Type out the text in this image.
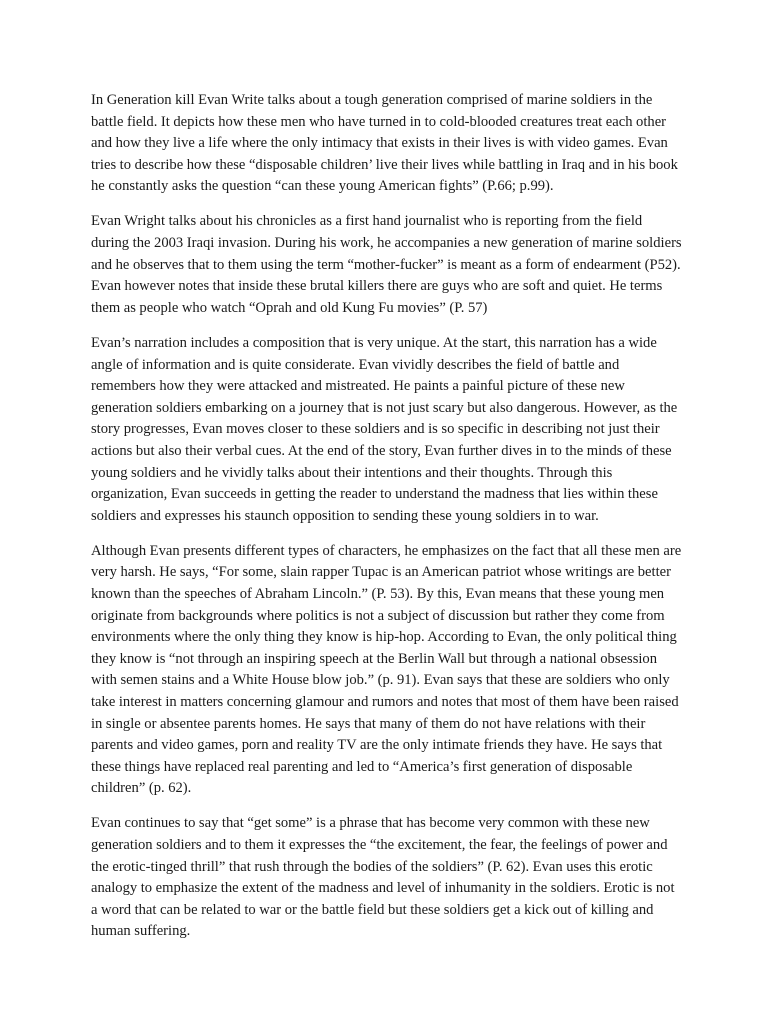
In Generation kill Evan Write talks about a tough generation comprised of marine soldiers in the battle field. It depicts how these men who have turned in to cold-blooded creatures treat each other and how they live a life where the only intimacy that exists in their lives is with video games. Evan tries to describe how these “disposable children’ live their lives while battling in Iraq and in his book he constantly asks the question “can these young American fights” (P.66; p.99).

Evan Wright talks about his chronicles as a first hand journalist who is reporting from the field during the 2003 Iraqi invasion. During his work, he accompanies a new generation of marine soldiers and he observes that to them using the term “mother-fucker” is meant as a form of endearment (P52). Evan however notes that inside these brutal killers there are guys who are soft and quiet. He terms them as people who watch “Oprah and old Kung Fu movies” (P. 57)

Evan’s narration includes a composition that is very unique. At the start, this narration has a wide angle of information and is quite considerate. Evan vividly describes the field of battle and remembers how they were attacked and mistreated. He paints a painful picture of these new generation soldiers embarking on a journey that is not just scary but also dangerous. However, as the story progresses, Evan moves closer to these soldiers and is so specific in describing not just their actions but also their verbal cues. At the end of the story, Evan further dives in to the minds of these young soldiers and he vividly talks about their intentions and their thoughts. Through this organization, Evan succeeds in getting the reader to understand the madness that lies within these soldiers and expresses his staunch opposition to sending these young soldiers in to war.

Although Evan presents different types of characters, he emphasizes on the fact that all these men are very harsh. He says, “For some, slain rapper Tupac is an American patriot whose writings are better known than the speeches of Abraham Lincoln.” (P. 53). By this, Evan means that these young men originate from backgrounds where politics is not a subject of discussion but rather they come from environments where the only thing they know is hip-hop. According to Evan, the only political thing they know is “not through an inspiring speech at the Berlin Wall but through a national obsession with semen stains and a White House blow job.” (p. 91). Evan says that these are soldiers who only take interest in matters concerning glamour and rumors and notes that most of them have been raised in single or absentee parents homes. He says that many of them do not have relations with their parents and video games, porn and reality TV are the only intimate friends they have. He says that these things have replaced real parenting and led to “America’s first generation of disposable children” (p. 62).

Evan continues to say that “get some” is a phrase that has become very common with these new generation soldiers and to them it expresses the “the excitement, the fear, the feelings of power and the erotic-tinged thrill” that rush through the bodies of the soldiers” (P. 62). Evan uses this erotic analogy to emphasize the extent of the madness and level of inhumanity in the soldiers. Erotic is not a word that can be related to war or the battle field but these soldiers get a kick out of killing and human suffering.
